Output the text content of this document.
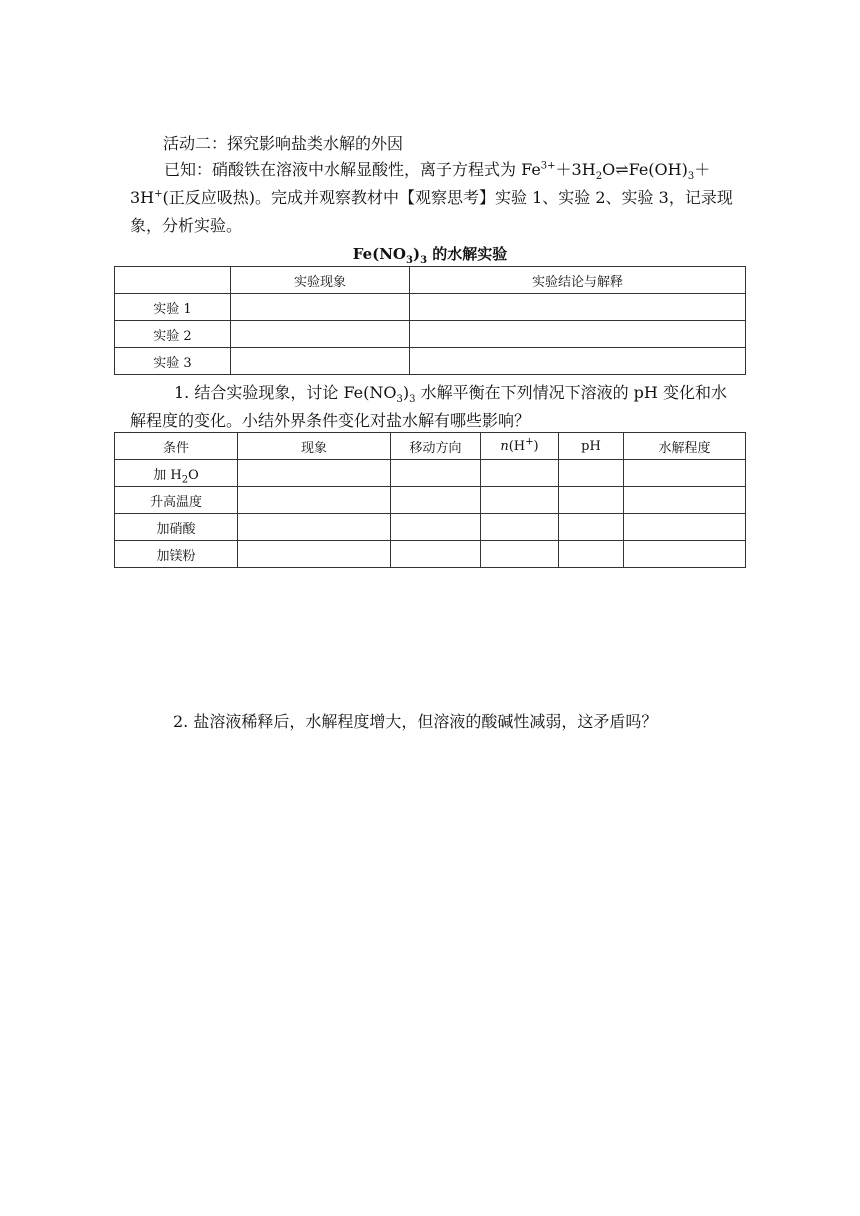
活动二：探究影响盐类水解的外因
已知：硝酸铁在溶液中水解显酸性，离子方程式为 $Fe^{3+}+3H_2O\rightleftharpoons Fe(OH)_3+3H^+$(正反应吸热)。完成并观察教材中【观察思考】实验 1、实验 2、实验 3，记录现象，分析实验。
$Fe(NO_3)_3$ 的水解实验
	实验现象	实验结论与解释
实验 1		
实验 2		
实验 3		
1. 结合实验现象，讨论 $Fe(NO_3)_3$ 水解平衡在下列情况下溶液的 pH 变化和水解程度的变化。小结外界条件变化对盐水解有哪些影响？
条件	现象	移动方向	n(H+)	pH	水解程度
加 $H_2O$					
升高温度					
加硝酸					
加镁粉					
2. 盐溶液稀释后，水解程度增大，但溶液的酸碱性减弱，这矛盾吗？
